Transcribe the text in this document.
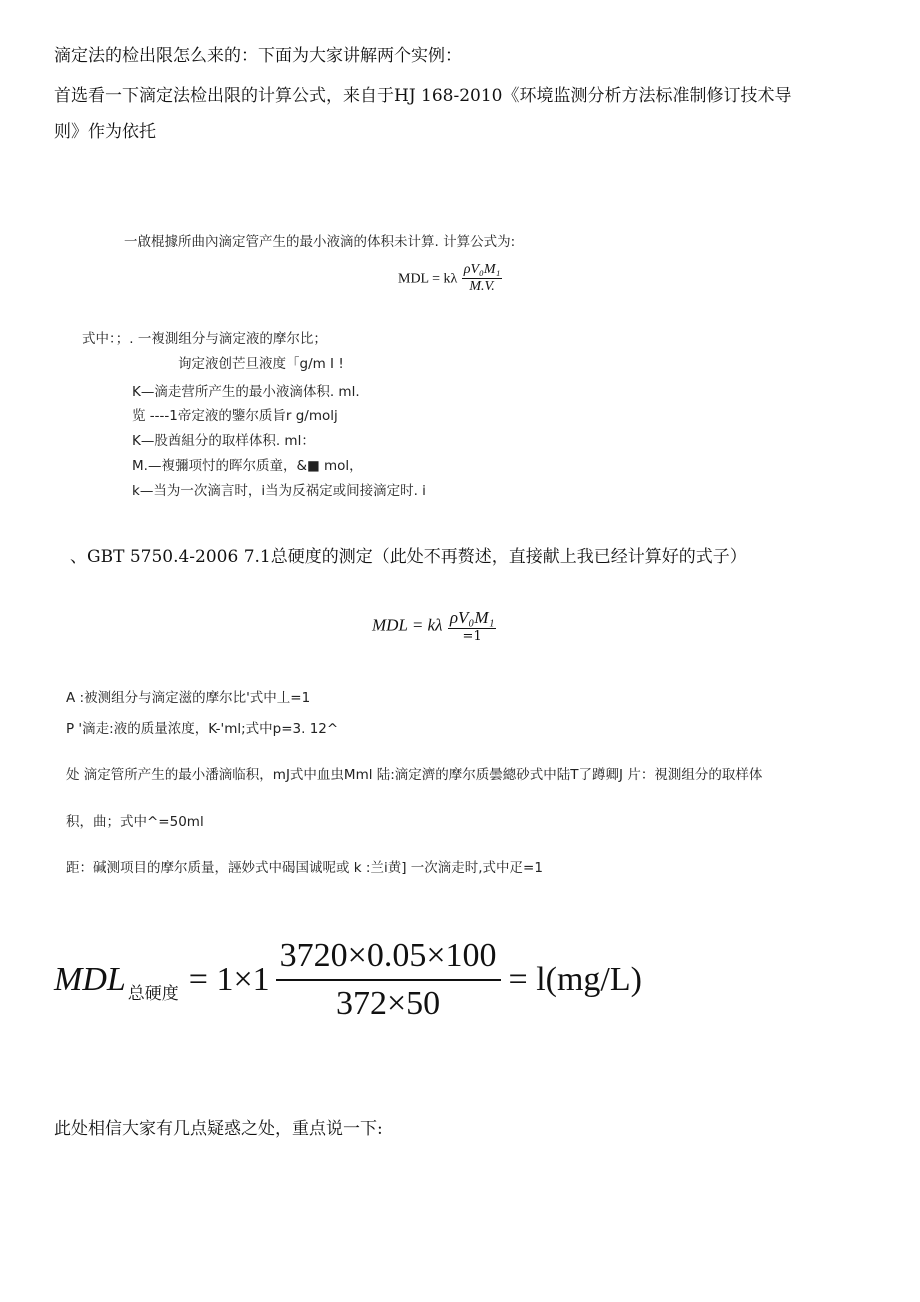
滴定法的检出限怎么来的：下面为大家讲解两个实例：
首选看一下滴定法检出限的计算公式，来自于HJ 168-2010《环境监测分析方法标准制修订技术导
则》作为依托
一啟棍據所曲內滴定管产生的最小液滴的体积未计算. 计算公式为:
MDL = kλ $\frac{\text{ρV₀M₁}}{M.V.}$
式中：；. 一複測组分与滴定液的摩尔比；
询定液创芒旦液度「g/m I !
K—滴走营所产生的最小液滴体积. ml.
览 ----1帝定液的鑒尔质旨r g/molj
K—股酋組分的取样体积. ml：
M.—複彌项忖的晖尔质童，&■ mol，
k—当为一次滴言时，i当为反祸定或间接滴定时. i
、GBT 5750.4-2006 7.1总硬度的测定（此处不再赘述，直接献上我已经计算好的式子）
MDL = kλ $\frac{\text{ρV₀M₁}}{=1}$
A :被测组分与滴定滋的摩尔比'式中丄=1
P '滴走:液的质量浓度，K-'ml;式中p=3. 12^
处 滴定管所产生的最小潘滴临积，mJ式中血虫Mml 陆:滴定濟的摩尔质曇總砂式中陆T了蹲卿J 片：視測组分的取样体
积，曲；式中^=50ml
距：碱测项目的摩尔质量，誣妙式中碣国诚呢或 k :兰i黄] 一次滴走时,式中疋=1
MDL 总硬度 = $1\times 1 \frac{3720\times 0.05\times 100}{372\times 50} = l(mg/L)$
此处相信大家有几点疑惑之处，重点说一下:
